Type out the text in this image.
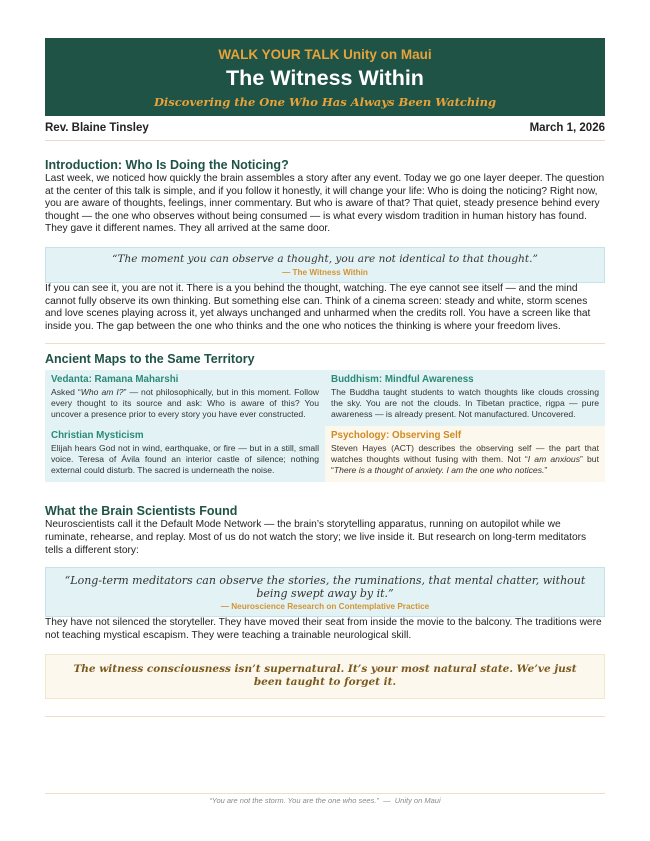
WALK YOUR TALK Unity on Maui
The Witness Within
Discovering the One Who Has Always Been Watching
Rev. Blaine Tinsley	March 1, 2026
Introduction: Who Is Doing the Noticing?

Last week, we noticed how quickly the brain assembles a story after any event. Today we go one layer deeper. The question at the center of this talk is simple, and if you follow it honestly, it will change your life: Who is doing the noticing? Right now, you are aware of thoughts, feelings, inner commentary. But who is aware of that? That quiet, steady presence behind every thought — the one who observes without being consumed — is what every wisdom tradition in human history has found. They gave it different names. They all arrived at the same door.

“The moment you can observe a thought, you are not identical to that thought.”
— The Witness Within

If you can see it, you are not it. There is a you behind the thought, watching. The eye cannot see itself — and the mind cannot fully observe its own thinking. But something else can. Think of a cinema screen: steady and white, storm scenes and love scenes playing across it, yet always unchanged and unharmed when the credits roll. You have a screen like that inside you. The gap between the one who thinks and the one who notices the thinking is where your freedom lives.

Ancient Maps to the Same Territory
Vedanta: Ramana Maharshi
Asked “Who am I?” — not philosophically, but in this moment. Follow every thought to its source and ask: Who is aware of this? You uncover a presence prior to every story you have ever constructed.
Buddhism: Mindful Awareness
The Buddha taught students to watch thoughts like clouds crossing the sky. You are not the clouds. In Tibetan practice, rigpa — pure awareness — is already present. Not manufactured. Uncovered.
Christian Mysticism
Elijah hears God not in wind, earthquake, or fire — but in a still, small voice. Teresa of Ávila found an interior castle of silence; nothing external could disturb. The sacred is underneath the noise.
Psychology: Observing Self
Steven Hayes (ACT) describes the observing self — the part that watches thoughts without fusing with them. Not “I am anxious” but “There is a thought of anxiety. I am the one who notices.”
What the Brain Scientists Found

Neuroscientists call it the Default Mode Network — the brain’s storytelling apparatus, running on autopilot while we ruminate, rehearse, and replay. Most of us do not watch the story; we live inside it. But research on long-term meditators tells a different story:

“Long-term meditators can observe the stories, the ruminations, that mental chatter, without being swept away by it.”
— Neuroscience Research on Contemplative Practice

They have not silenced the storyteller. They have moved their seat from inside the movie to the balcony. The traditions were not teaching mystical escapism. They were teaching a trainable neurological skill.

The witness consciousness isn’t supernatural. It’s your most natural state. We’ve just been taught to forget it.
“You are not the storm. You are the one who sees.” — Unity on Maui
